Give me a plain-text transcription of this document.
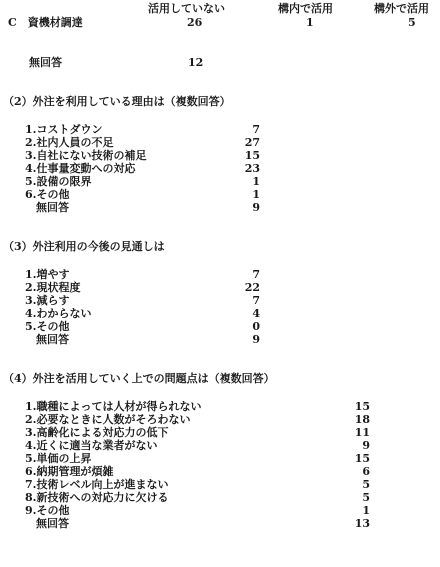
活用していない	構内で活用	構外で活用
C　資機材調達	26	1	5
無回答	12
（2）外注を利用している理由は（複数回答）
1.コストダウン	7
2.社内人員の不足	27
3.自社にない技術の補足	15
4.仕事量変動への対応	23
5.設備の限界	1
6.その他	1
無回答	9
（3）外注利用の今後の見通しは
1.増やす	7
2.現状程度	22
3.減らす	7
4.わからない	4
5.その他	0
無回答	9
（4）外注を活用していく上での問題点は（複数回答）
1.職種によっては人材が得られない	15
2.必要なときに人数がそろわない	18
3.高齢化による対応力の低下	11
4.近くに適当な業者がない	9
5.単価の上昇	15
6.納期管理が煩雑	6
7.技術レベル向上が進まない	5
8.新技術への対応力に欠ける	5
9.その他	1
無回答	13
